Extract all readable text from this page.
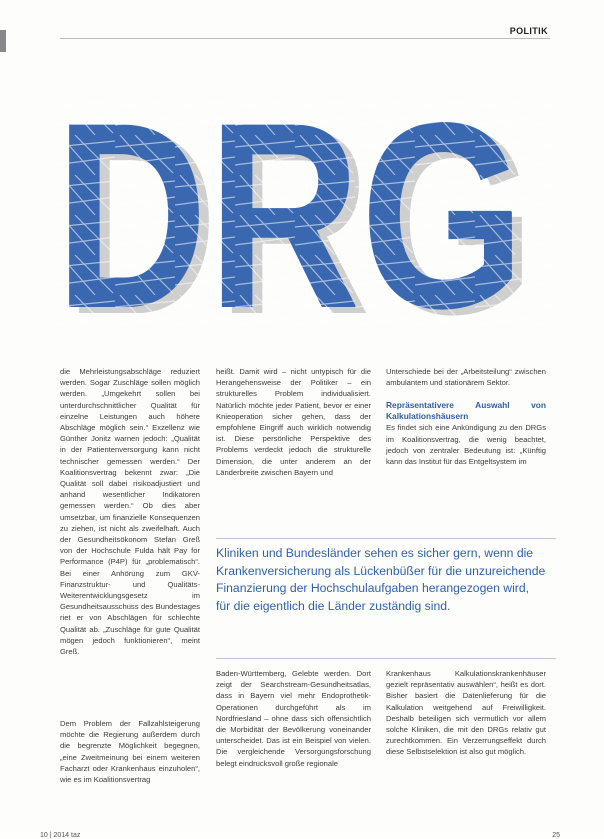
POLITIK

die Mehrleistungsabschläge reduziert werden. Sogar Zuschläge sollen möglich werden. „Umgekehrt sollen bei unterdurchschnittlicher Qualität für einzelne Leistungen auch höhere Abschläge möglich sein.“ Exzellenz wie Günther Jonitz warnen jedoch: „Qualität in der Patientenversorgung kann nicht technischer gemessen werden.“ Der Koalitionsvertrag bekennt zwar: „Die Qualität soll dabei risikoadjustiert und anhand wesentlicher Indikatoren gemessen werden.“ Ob dies aber umsetzbar, um finanzielle Konsequenzen zu ziehen, ist nicht als zweifelhaft. Auch der Gesundheitsökonom Stefan Greß von der Hochschule Fulda hält Pay for Performance (P4P) für „problematisch“. Bei einer Anhörung zum GKV-Finanzstruktur- und Qualitäts-Weiterentwicklungsgesetz im Gesundheitsausschuss des Bundestages riet er von Abschlägen für schlechte Qualität ab. „Zuschläge für gute Qualität mögen jedoch funktionieren“, meint Greß.

Dem Problem der Fallzahlsteigerung möchte die Regierung außerdem durch die begrenzte Möglichkeit begegnen, „eine Zweitmeinung bei einem weiteren Facharzt oder Krankenhaus einzuholen“, wie es im Koalitionsvertrag

heißt. Damit wird – nicht untypisch für die Herangehensweise der Politiker – ein strukturelles Problem individualisiert. Natürlich möchte jeder Patient, bevor er einer Knieoperation sicher gehen, dass der empfohlene Eingriff auch wirklich notwendig ist. Diese persönliche Perspektive des Problems verdeckt jedoch die strukturelle Dimension, die unter anderem an der Länderbreite zwischen Bayern und

Unterschiede bei der „Arbeitsteilung“ zwischen ambulantem und stationärem Sektor.

Repräsentativere Auswahl von Kalkulationshäusern

Es findet sich eine Ankündigung zu den DRGs im Koalitionsvertrag, die wenig beachtet, jedoch von zentraler Bedeutung ist: „Künftig kann das Institut für das Entgeltsystem im

Kliniken und Bundesländer sehen es sicher gern, wenn die Krankenversicherung als Lückenbüßer für die unzureichende Finanzierung der Hochschulaufgaben herangezogen wird, für die eigentlich die Länder zuständig sind.

Baden-Württemberg, Gelebte werden. Dort zeigt der Searchstream-Gesundheitsatlas, dass in Bayern viel mehr Endoprothetik-Operationen durchgeführt als im Nordfriesland – ohne dass sich offensichtlich die Morbidität der Bevölkerung voneinander unterscheidet. Das ist ein Beispiel von vielen. Die vergleichende Versorgungsforschung belegt eindrucksvoll große regionale

Krankenhaus Kalkulationskrankenhäuser gezielt repräsentativ auswählen“, heißt es dort. Bisher basiert die Datenlieferung für die Kalkulation weitgehend auf Freiwilligkeit. Deshalb beteiligen sich vermutlich vor allem solche Kliniken, die mit den DRGs relativ gut zurechtkommen. Ein Verzerrungseffekt durch diese Selbstselektion ist also gut möglich.

10 | 2014 taz	25
